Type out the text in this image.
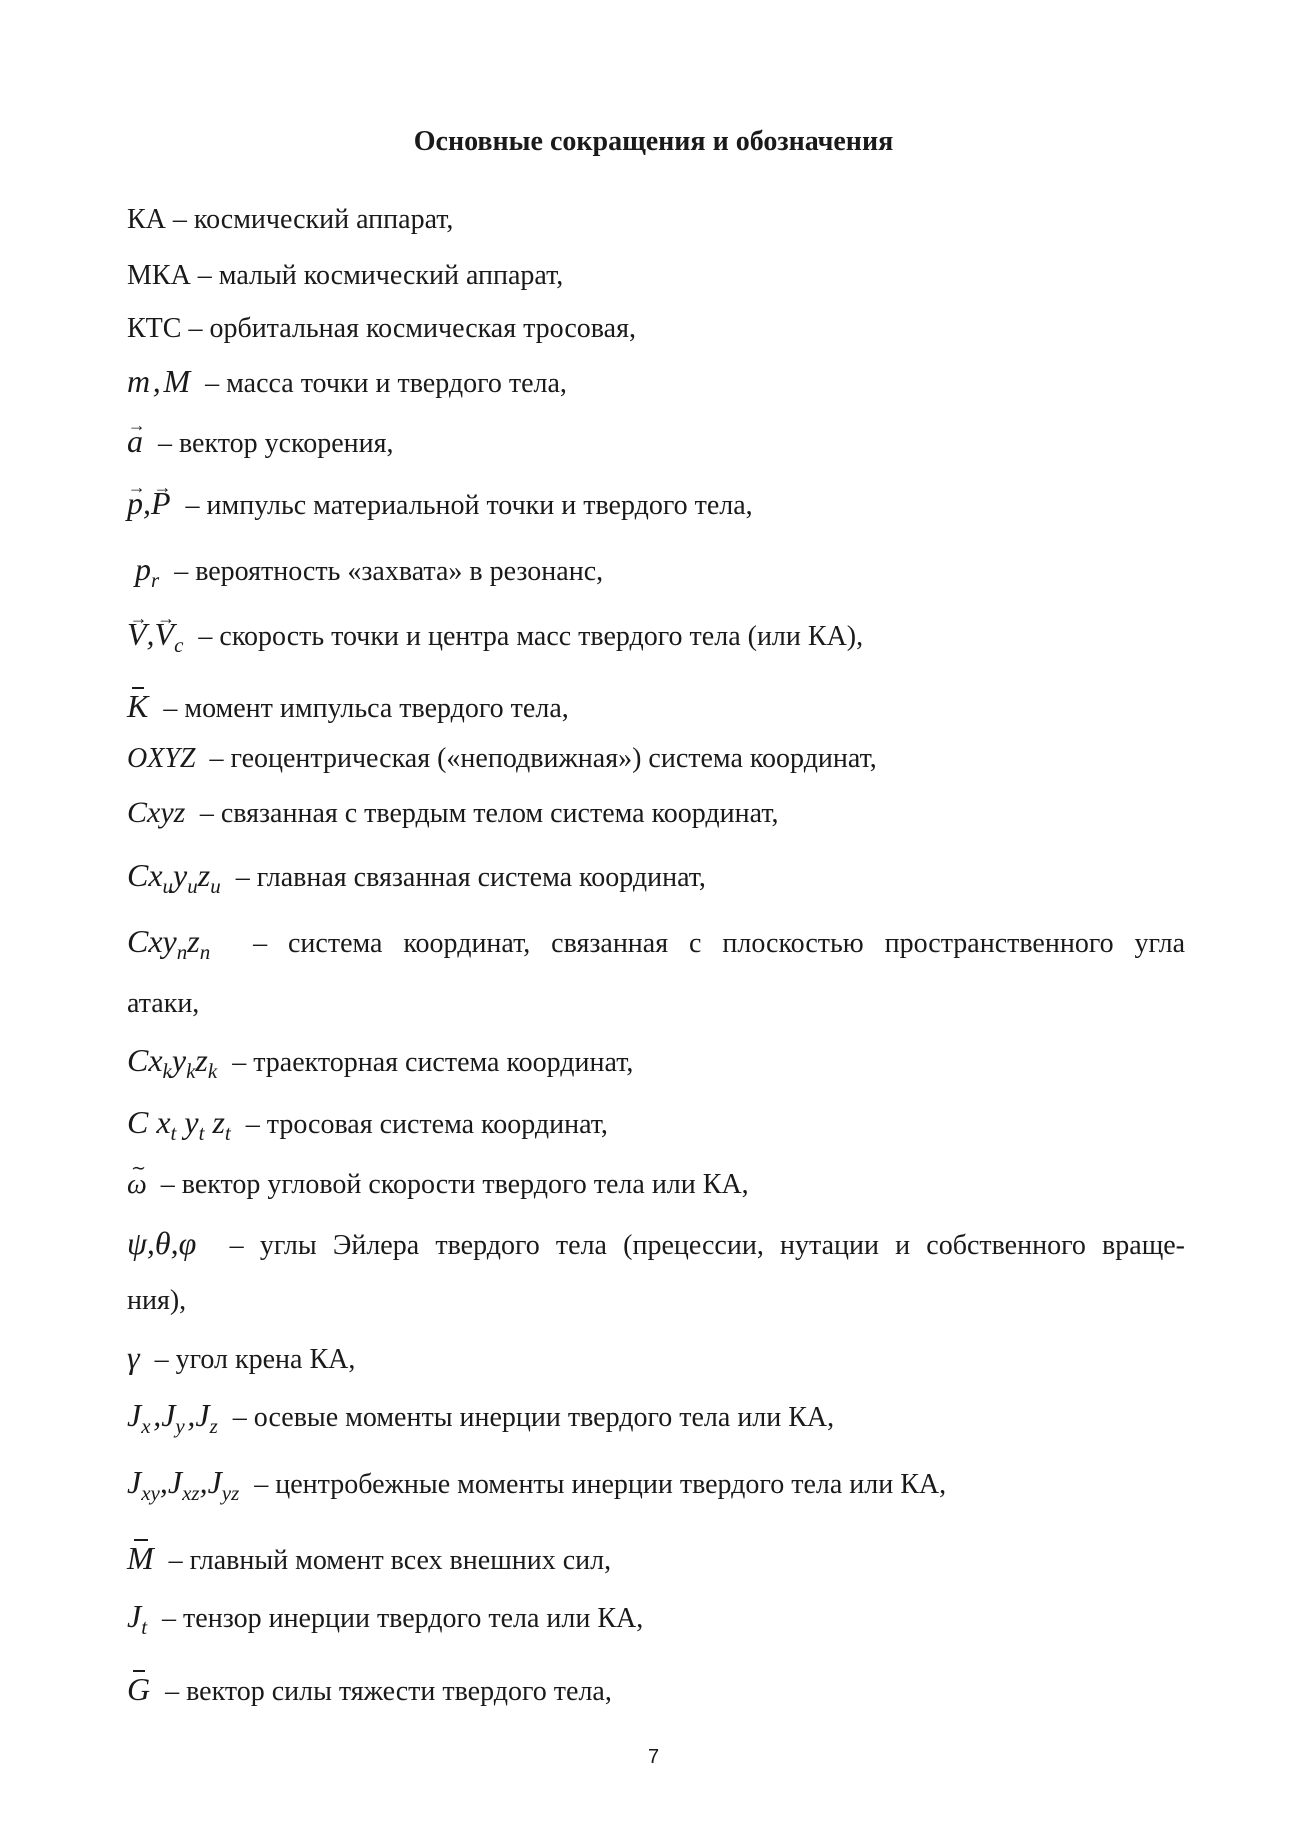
Основные сокращения и обозначения
КА – космический аппарат,
МКА – малый космический аппарат,
КТС – орбитальная космическая тросовая,
m , M  – масса точки и твердого тела,
→ a  – вектор ускорения,
→ p,→ P  – импульс материальной точки и твердого тела,
$p_r$  – вероятность «захвата» в резонанс,
→ $V,\to V_c$  – скорость точки и центра масс твердого тела (или КА),
K  – момент импульса твердого тела,
OXYZ  – геоцентрическая («неподвижная») система координат,
Cxyz  – связанная с твердым телом система координат,
$Cx_uy_uz_u$  – главная связанная система координат,
$Cxy_nz_n$  – система координат, связанная с плоскостью пространственного угла
атаки,
$Cx_ky_kz_k$  – траекторная система координат,
C $x_t$ $y_t$ $z_t$  – тросовая система координат,
∼ ω  – вектор угловой скорости твердого тела или КА,
ψ,θ,φ  – углы Эйлера твердого тела (прецессии, нутации и собственного враще-
ния),
γ  – угол крена КА,
$J_x$ $,J_y$ $,J_z$  – осевые моменты инерции твердого тела или КА,
$J_{xy},J_{xz},J_{yz}$  – центробежные моменты инерции твердого тела или КА,
M  – главный момент всех внешних сил,
$J_t$  – тензор инерции твердого тела или КА,
G  – вектор силы тяжести твердого тела,
7
